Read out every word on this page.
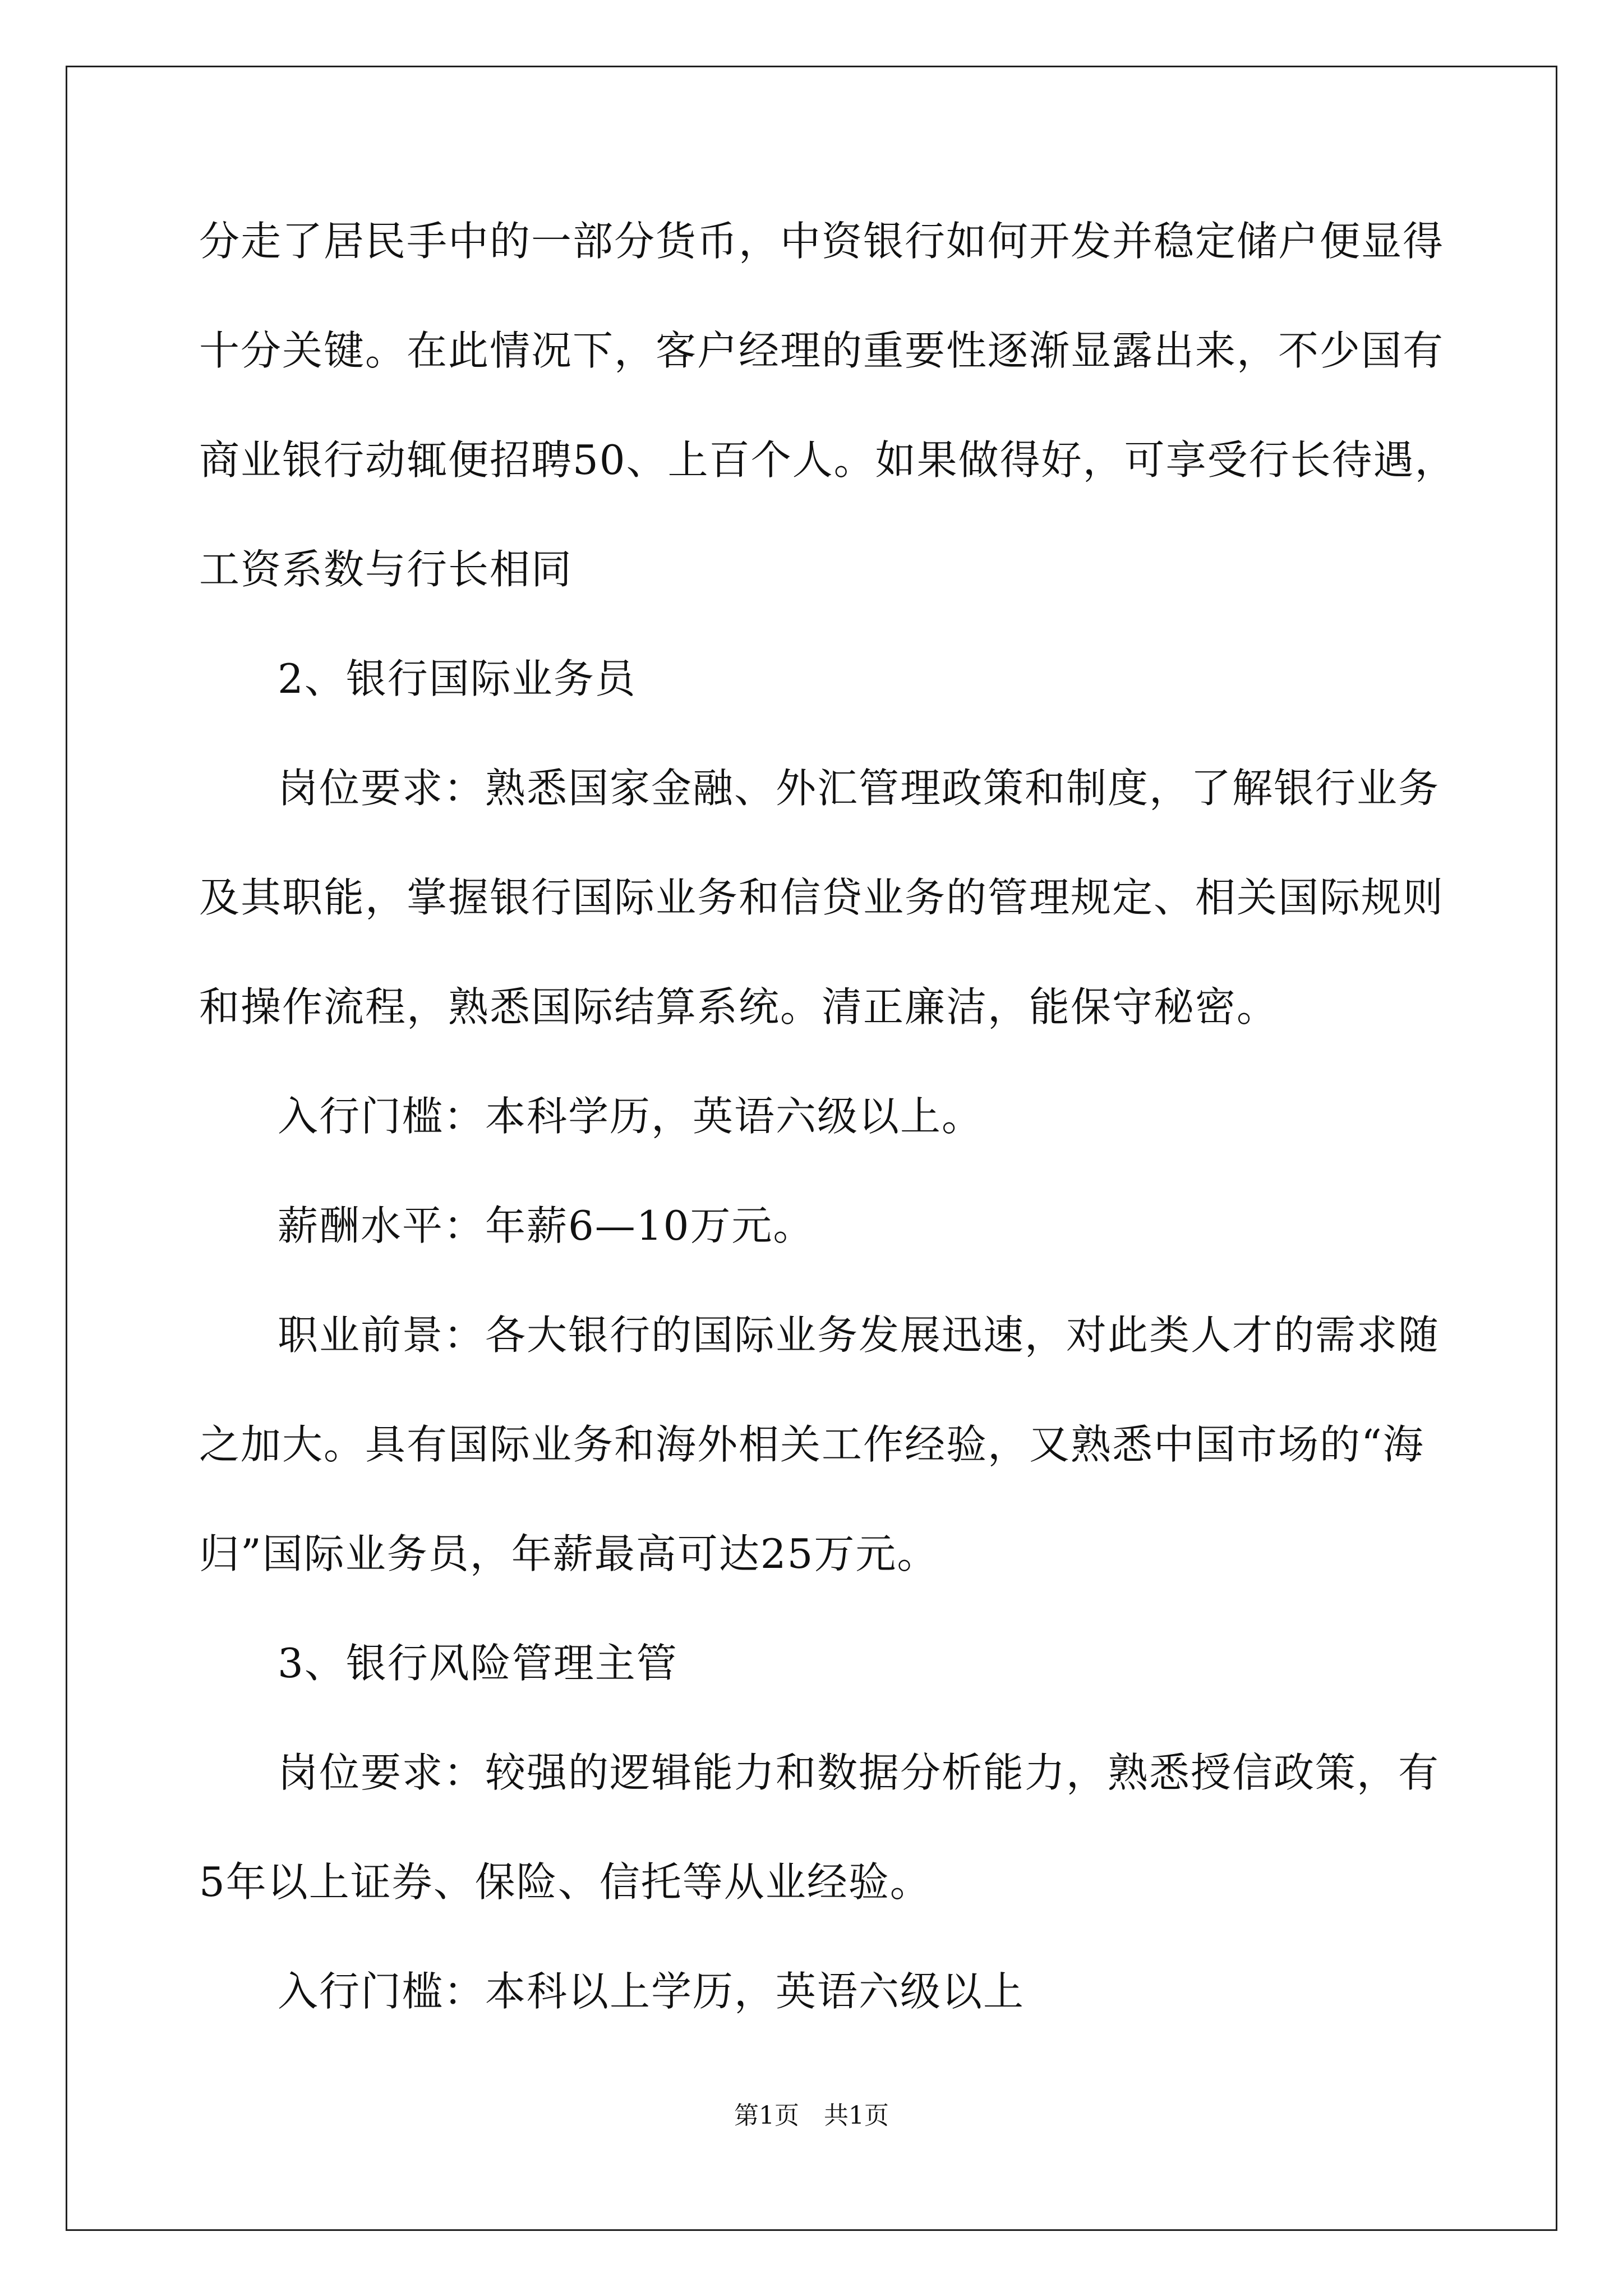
分走了居民手中的一部分货币，中资银行如何开发并稳定储户便显得
十分关键。在此情况下，客户经理的重要性逐渐显露出来，不少国有
商业银行动辄便招聘50、上百个人。如果做得好，可享受行长待遇，
工资系数与行长相同
2、银行国际业务员
岗位要求：熟悉国家金融、外汇管理政策和制度，了解银行业务
及其职能，掌握银行国际业务和信贷业务的管理规定、相关国际规则
和操作流程，熟悉国际结算系统。清正廉洁，能保守秘密。
入行门槛：本科学历，英语六级以上。
薪酬水平：年薪6—10万元。
职业前景：各大银行的国际业务发展迅速，对此类人才的需求随
之加大。具有国际业务和海外相关工作经验，又熟悉中国市场的“海
归”国际业务员，年薪最高可达25万元。
3、银行风险管理主管
岗位要求：较强的逻辑能力和数据分析能力，熟悉授信政策，有
5年以上证券、保险、信托等从业经验。
入行门槛：本科以上学历，英语六级以上
第1页　共1页
